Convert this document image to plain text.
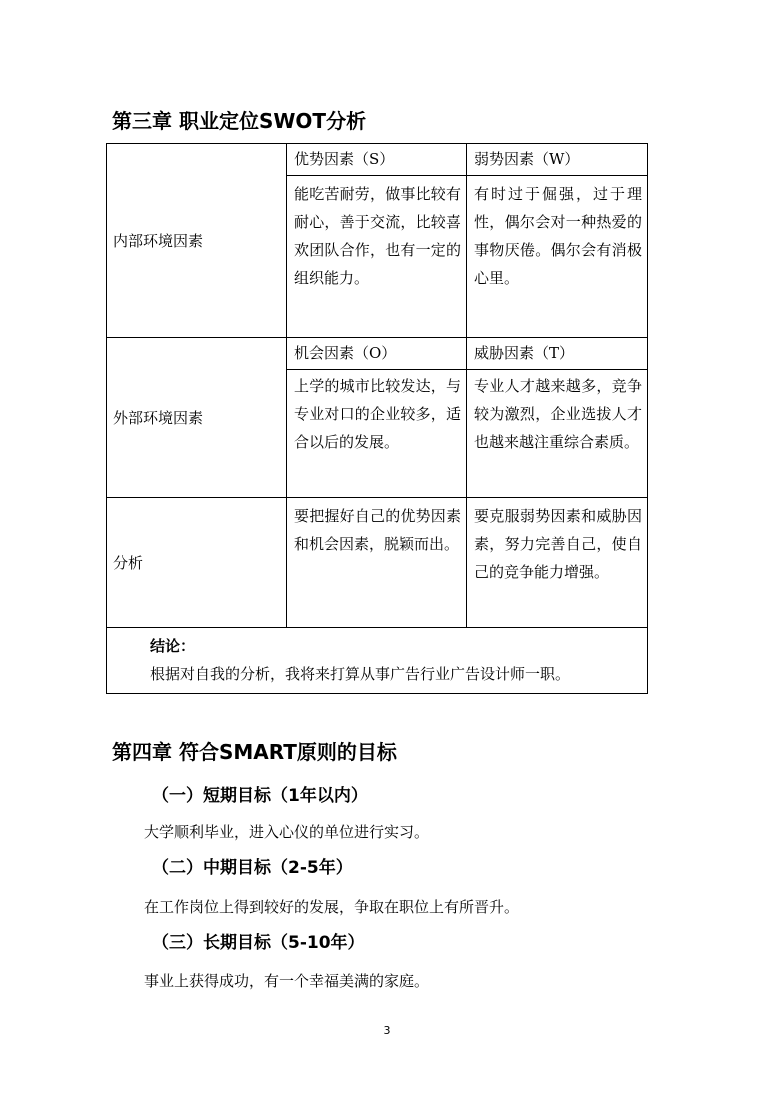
第三章 职业定位SWOT分析
内部环境因素	优势因素（S）	弱势因素（W）
	能吃苦耐劳，做事比较有耐心，善于交流，比较喜欢团队合作，也有一定的组织能力。	有时过于倔强，过于理性，偶尔会对一种热爱的事物厌倦。偶尔会有消极心里。
外部环境因素	机会因素（O）	威胁因素（T）
	上学的城市比较发达，与专业对口的企业较多，适合以后的发展。	专业人才越来越多，竞争较为激烈，企业选拔人才也越来越注重综合素质。
分析	要把握好自己的优势因素和机会因素，脱颖而出。	要克服弱势因素和威胁因素，努力完善自己，使自己的竞争能力增强。

结论：
根据对自我的分析，我将来打算从事广告行业广告设计师一职。		
第四章 符合SMART原则的目标
（一）短期目标（1年以内）
大学顺利毕业，进入心仪的单位进行实习。
（二）中期目标（2-5年）
在工作岗位上得到较好的发展，争取在职位上有所晋升。
（三）长期目标（5-10年）
事业上获得成功，有一个幸福美满的家庭。
3
